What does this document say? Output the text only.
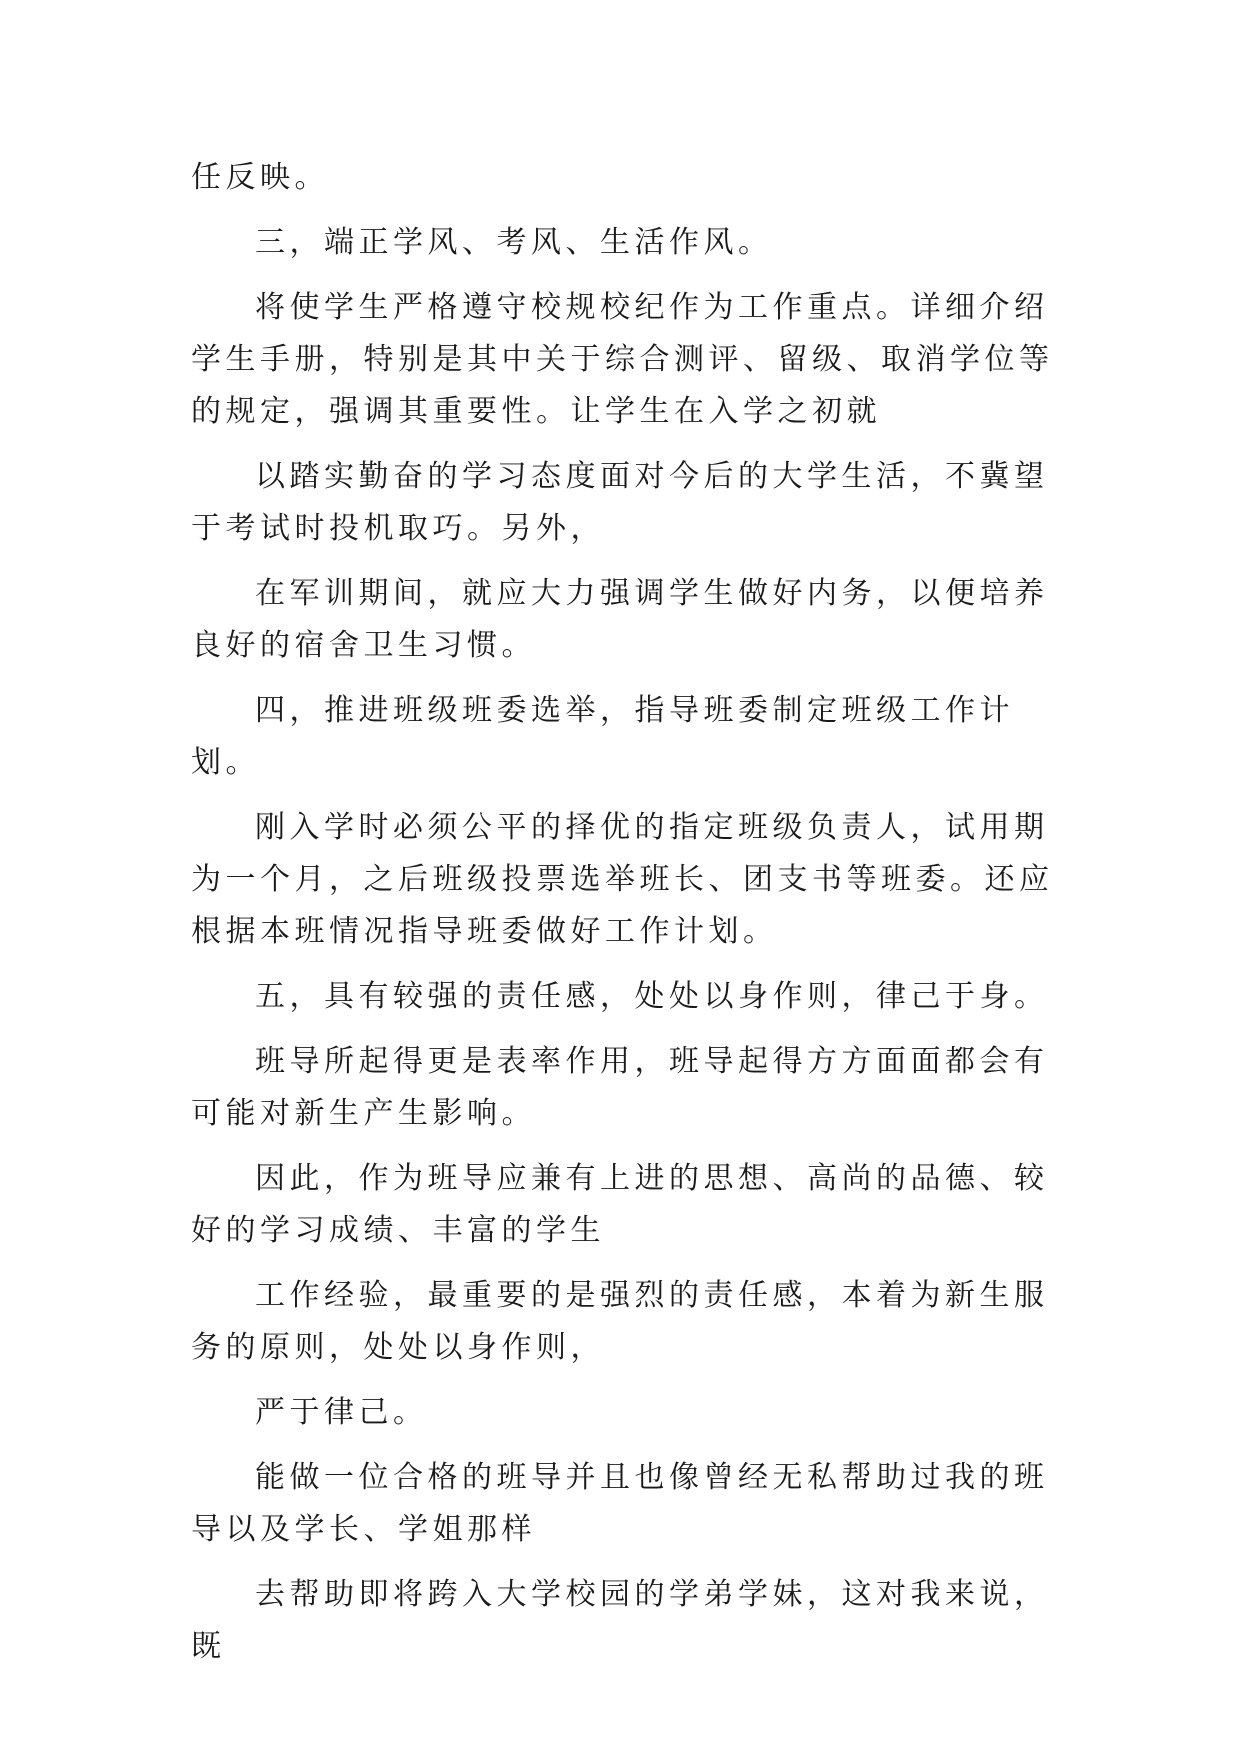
任反映。

三，端正学风、考风、生活作风。

将使学生严格遵守校规校纪作为工作重点。详细介绍学生手册，特别是其中关于综合测评、留级、取消学位等的规定，强调其重要性。让学生在入学之初就

以踏实勤奋的学习态度面对今后的大学生活，不冀望于考试时投机取巧。另外，

在军训期间，就应大力强调学生做好内务，以便培养良好的宿舍卫生习惯。

四，推进班级班委选举，指导班委制定班级工作计划。

刚入学时必须公平的择优的指定班级负责人，试用期为一个月，之后班级投票选举班长、团支书等班委。还应根据本班情况指导班委做好工作计划。

五，具有较强的责任感，处处以身作则，律己于身。

班导所起得更是表率作用，班导起得方方面面都会有可能对新生产生影响。

因此，作为班导应兼有上进的思想、高尚的品德、较好的学习成绩、丰富的学生

工作经验，最重要的是强烈的责任感，本着为新生服务的原则，处处以身作则，

严于律己。

能做一位合格的班导并且也像曾经无私帮助过我的班导以及学长、学姐那样

去帮助即将跨入大学校园的学弟学妹，这对我来说，既
